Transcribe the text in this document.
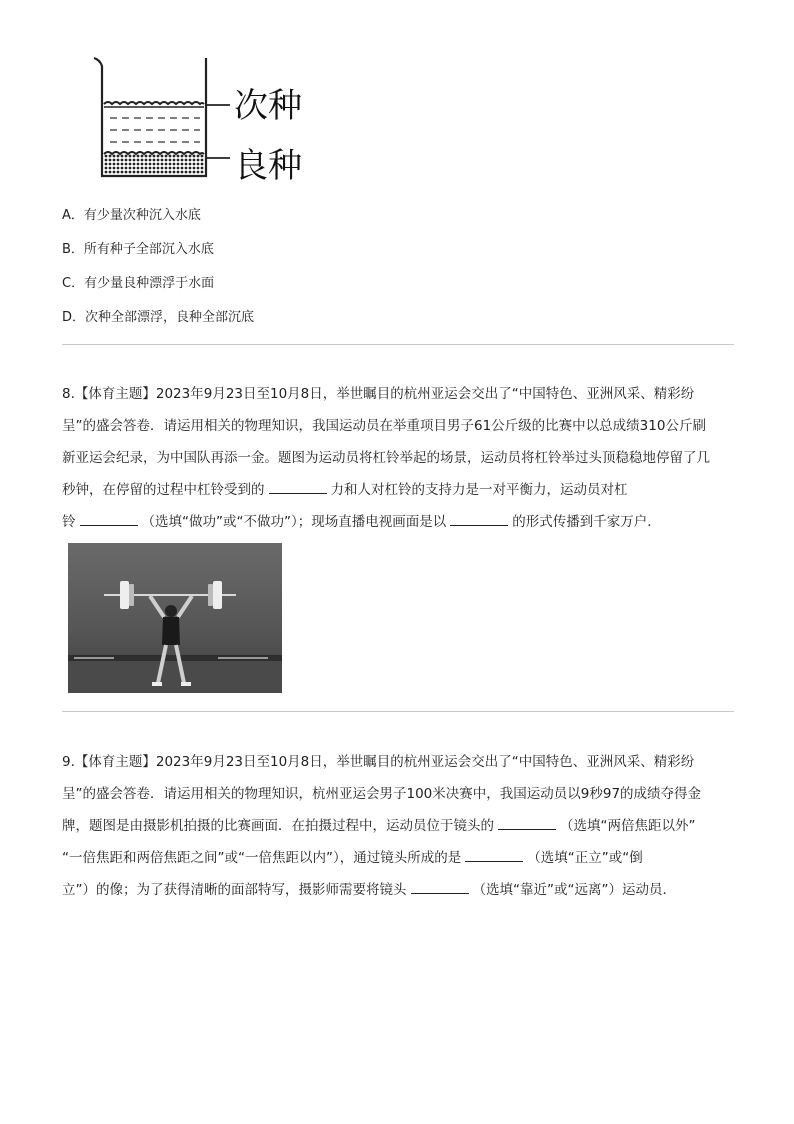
次种
良种
A．有少量次种沉入水底
B．所有种子全部沉入水底
C．有少量良种漂浮于水面
D．次种全部漂浮，良种全部沉底

8.【体育主题】2023年9月23日至10月8日，举世瞩目的杭州亚运会交出了“中国特色、亚洲风采、精彩纷

呈”的盛会答卷．请运用相关的物理知识，我国运动员在举重项目男子61公斤级的比赛中以总成绩310公斤刷

新亚运会纪录，为中国队再添一金。题图为运动员将杠铃举起的场景，运动员将杠铃举过头顶稳稳地停留了几

秒钟，在停留的过程中杠铃受到的	力和人对杠铃的支持力是一对平衡力，运动员对杠

铃	（选填“做功”或“不做功”）；现场直播电视画面是以	的形式传播到千家万户．

9.【体育主题】2023年9月23日至10月8日，举世瞩目的杭州亚运会交出了“中国特色、亚洲风采、精彩纷

呈”的盛会答卷．请运用相关的物理知识，杭州亚运会男子100米决赛中，我国运动员以9秒97的成绩夺得金

牌，题图是由摄影机拍摄的比赛画面．在拍摄过程中，运动员位于镜头的	（选填“两倍焦距以外”

“一倍焦距和两倍焦距之间”或“一倍焦距以内”），通过镜头所成的是	（选填“正立”或“倒

立”）的像；为了获得清晰的面部特写，摄影师需要将镜头	（选填“靠近”或“远离”）运动员．
